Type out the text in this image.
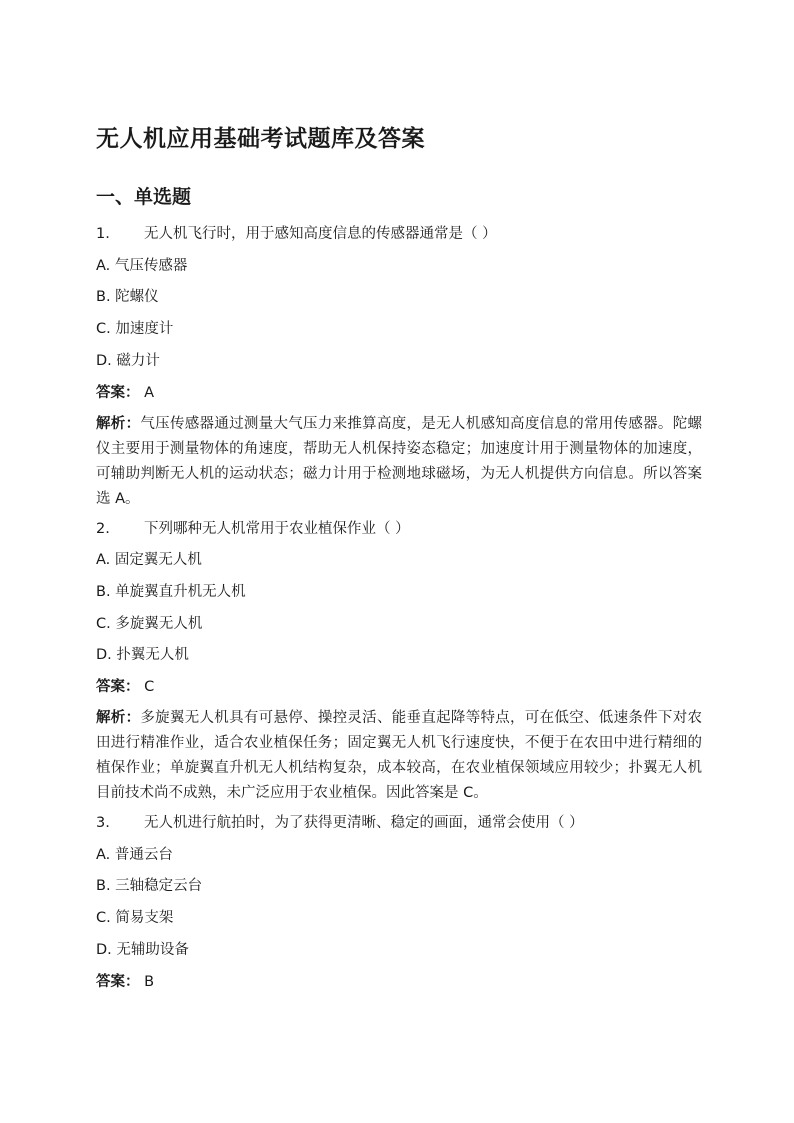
无人机应用基础考试题库及答案
一、单选题
1. 无人机飞行时，用于感知高度信息的传感器通常是（ ）
A. 气压传感器
B. 陀螺仪
C. 加速度计
D. 磁力计
答案： A
解析：气压传感器通过测量大气压力来推算高度，是无人机感知高度信息的常用传感器。陀螺仪主要用于测量物体的角速度，帮助无人机保持姿态稳定；加速度计用于测量物体的加速度，可辅助判断无人机的运动状态；磁力计用于检测地球磁场，为无人机提供方向信息。所以答案选 A。
2. 下列哪种无人机常用于农业植保作业（ ）
A. 固定翼无人机
B. 单旋翼直升机无人机
C. 多旋翼无人机
D. 扑翼无人机
答案： C
解析：多旋翼无人机具有可悬停、操控灵活、能垂直起降等特点，可在低空、低速条件下对农田进行精准作业，适合农业植保任务；固定翼无人机飞行速度快，不便于在农田中进行精细的植保作业；单旋翼直升机无人机结构复杂，成本较高，在农业植保领域应用较少；扑翼无人机目前技术尚不成熟，未广泛应用于农业植保。因此答案是 C。
3. 无人机进行航拍时，为了获得更清晰、稳定的画面，通常会使用（ ）
A. 普通云台
B. 三轴稳定云台
C. 简易支架
D. 无辅助设备
答案： B
